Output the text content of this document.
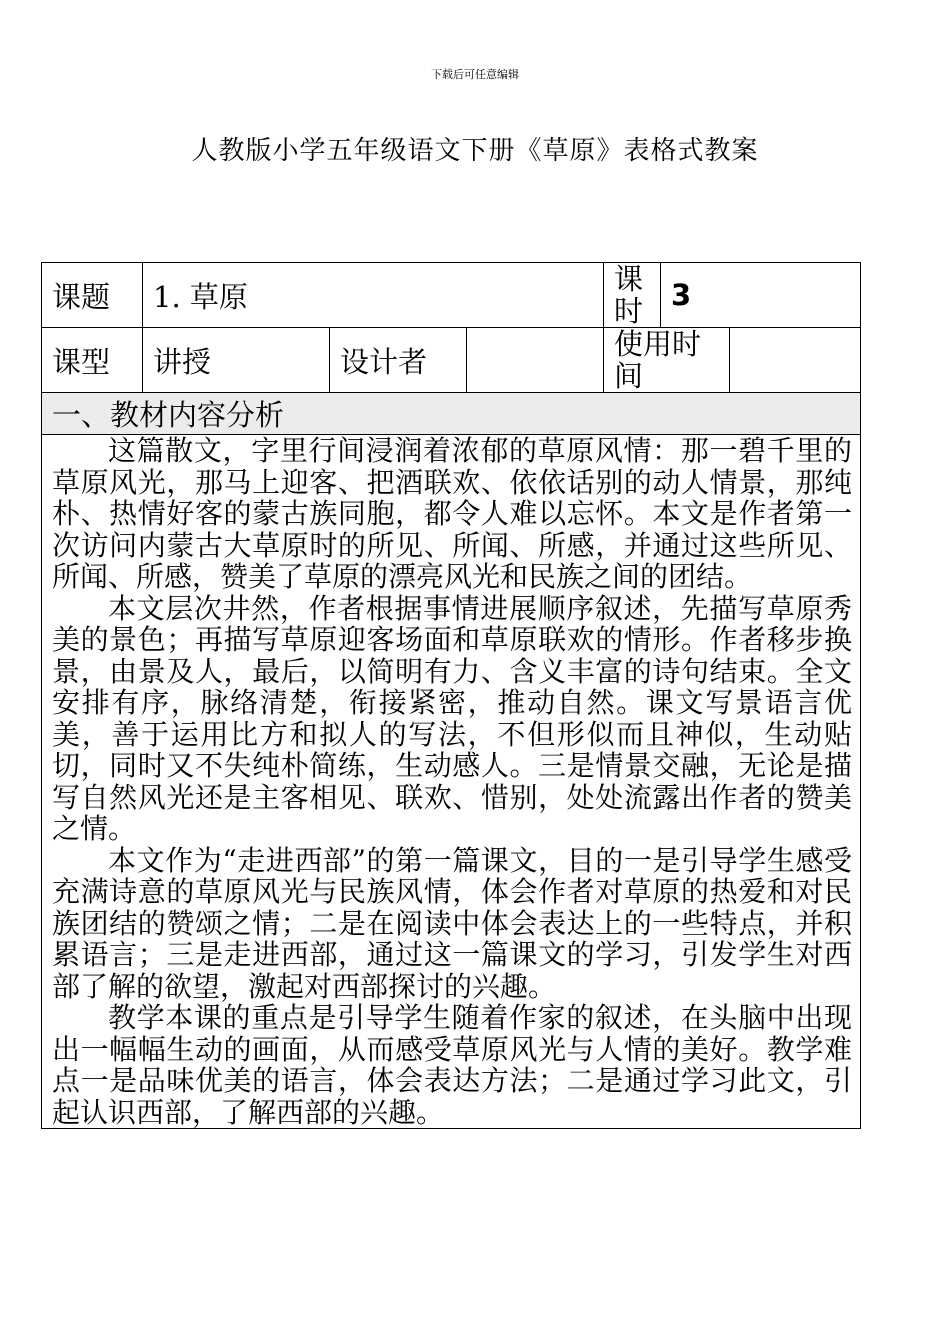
下载后可任意编辑
人教版小学五年级语文下册《草原》表格式教案
课题	1. 草原			课时	3	
课型	讲授	设计者		使用时间		
一、教材内容分析						

这篇散文，字里行间浸润着浓郁的草原风情：那一碧千里的草原风光，那马上迎客、把酒联欢、依依话别的动人情景，那纯朴、热情好客的蒙古族同胞，都令人难以忘怀。本文是作者第一次访问内蒙古大草原时的所见、所闻、所感，并通过这些所见、所闻、所感，赞美了草原的漂亮风光和民族之间的团结。

本文层次井然，作者根据事情进展顺序叙述，先描写草原秀美的景色；再描写草原迎客场面和草原联欢的情形。作者移步换景，由景及人，最后，以简明有力、含义丰富的诗句结束。全文安排有序，脉络清楚，衔接紧密，推动自然。课文写景语言优美，善于运用比方和拟人的写法，不但形似而且神似，生动贴切，同时又不失纯朴简练，生动感人。三是情景交融，无论是描写自然风光还是主客相见、联欢、惜别，处处流露出作者的赞美之情。

本文作为“走进西部”的第一篇课文，目的一是引导学生感受充满诗意的草原风光与民族风情，体会作者对草原的热爱和对民族团结的赞颂之情；二是在阅读中体会表达上的一些特点，并积累语言；三是走进西部，通过这一篇课文的学习，引发学生对西部了解的欲望，激起对西部探讨的兴趣。

教学本课的重点是引导学生随着作家的叙述，在头脑中出现出一幅幅生动的画面，从而感受草原风光与人情的美好。教学难点一是品味优美的语言，体会表达方法；二是通过学习此文，引起认识西部，了解西部的兴趣。						
